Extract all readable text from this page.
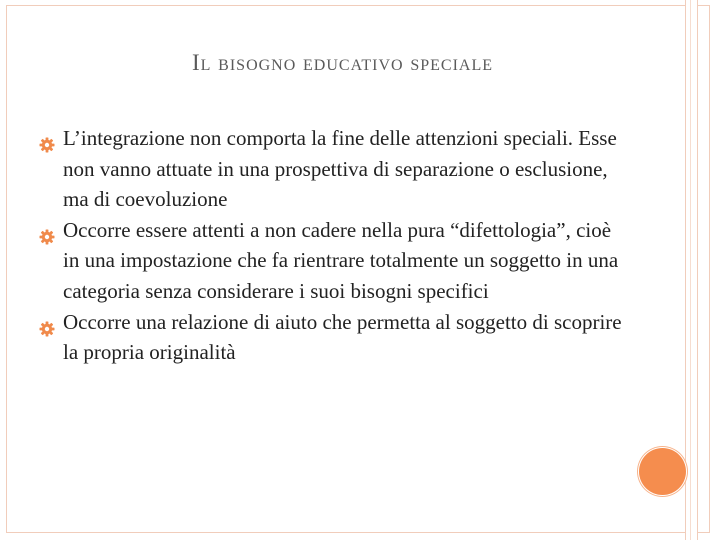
Il bisogno educativo speciale
L’integrazione non comporta la fine delle attenzioni speciali. Esse non vanno attuate in una prospettiva di separazione o esclusione, ma di coevoluzione
Occorre essere attenti a non cadere nella pura “difettologia”, cioè in una impostazione che fa rientrare totalmente un soggetto in una categoria senza considerare i suoi bisogni specifici
Occorre una relazione di aiuto che permetta al soggetto di scoprire la propria originalità
